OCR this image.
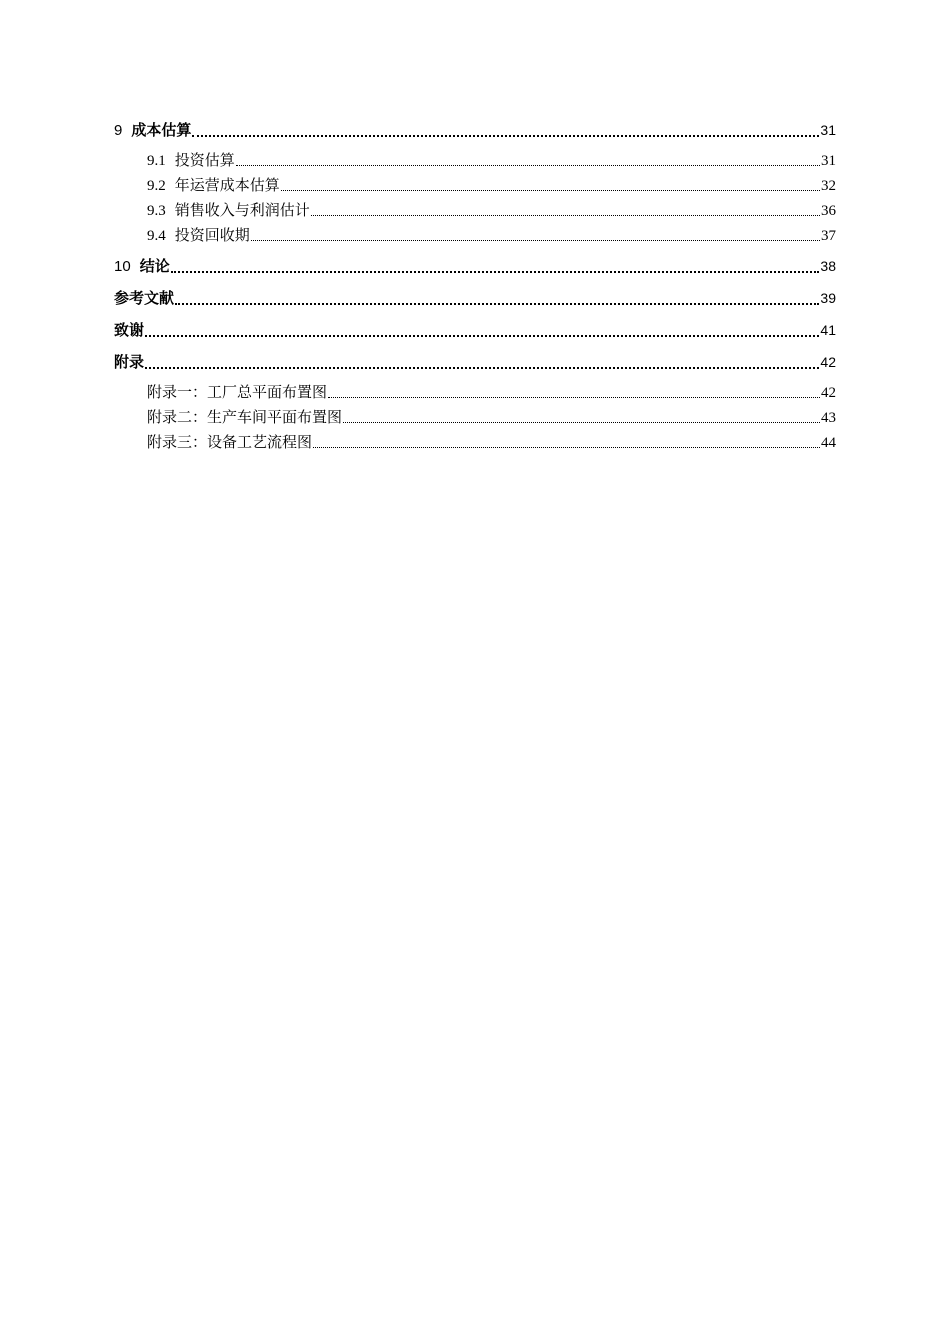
9 成本估算	31
9.1 投资估算	31
9.2 年运营成本估算	32
9.3 销售收入与利润估计	36
9.4 投资回收期	37
10 结论	38
参考文献	39
致谢	41
附录	42
附录一：工厂总平面布置图	42
附录二：生产车间平面布置图	43
附录三：设备工艺流程图	44
